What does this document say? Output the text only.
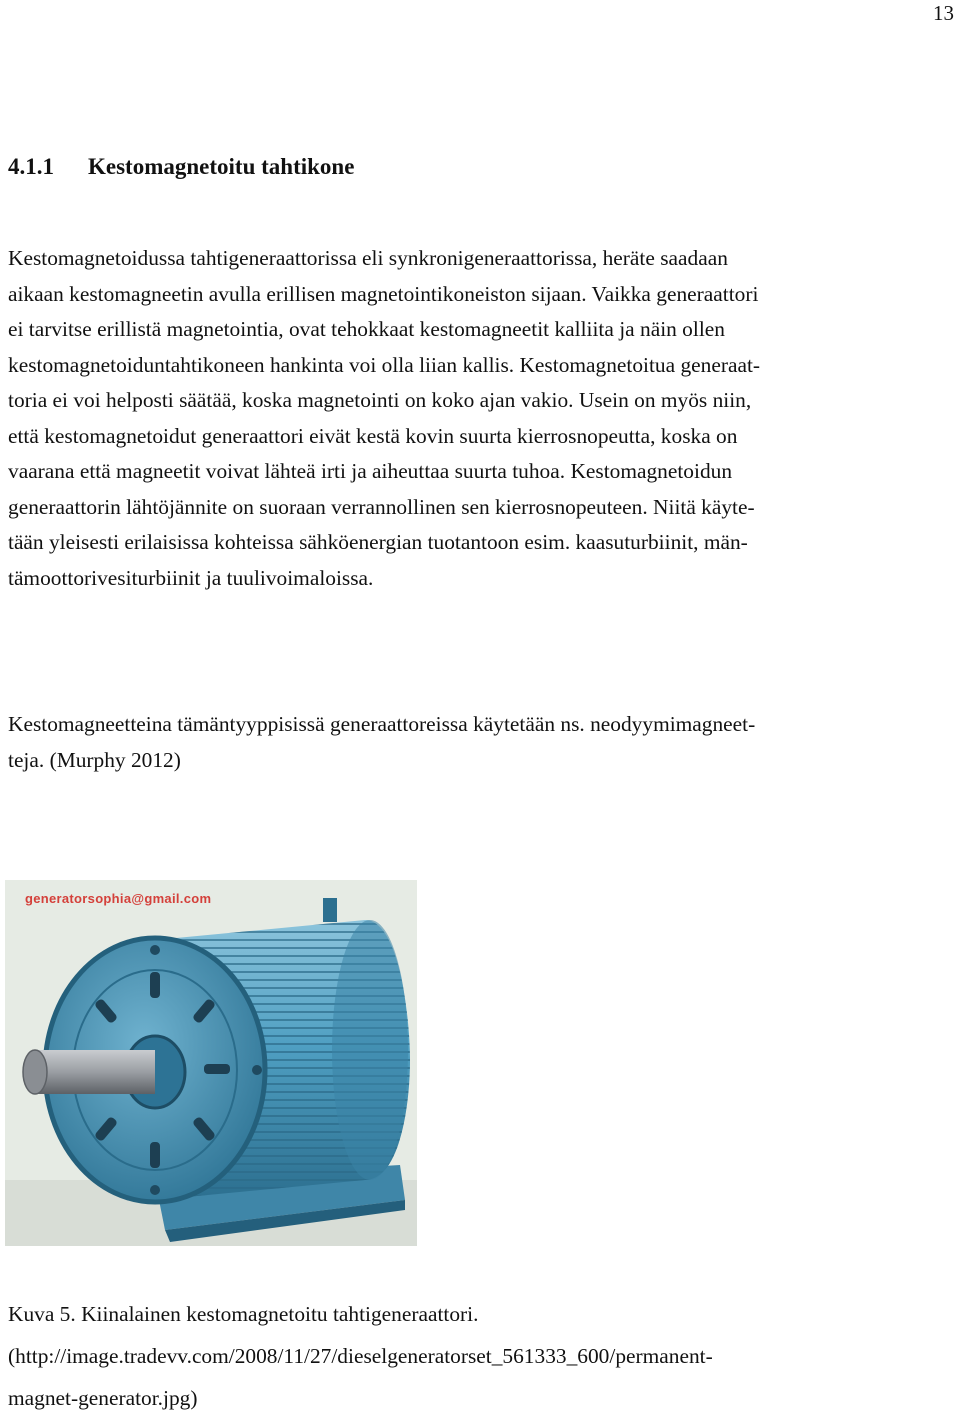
13
4.1.1 Kestomagnetoitu tahtikone

Kestomagnetoidussa tahtigeneraattorissa eli synkronigeneraattorissa, heräte saadaan
aikaan kestomagneetin avulla erillisen magnetointikoneiston sijaan. Vaikka generaattori
ei tarvitse erillistä magnetointia, ovat tehokkaat kestomagneetit kalliita ja näin ollen
kestomagnetoiduntahtikoneen hankinta voi olla liian kallis. Kestomagnetoitua generaat-
toria ei voi helposti säätää, koska magnetointi on koko ajan vakio. Usein on myös niin,
että kestomagnetoidut generaattori eivät kestä kovin suurta kierrosnopeutta, koska on
vaarana että magneetit voivat lähteä irti ja aiheuttaa suurta tuhoa. Kestomagnetoidun
generaattorin lähtöjännite on suoraan verrannollinen sen kierrosnopeuteen. Niitä käyte-
tään yleisesti erilaisissa kohteissa sähköenergian tuotantoon esim. kaasuturbiinit, män-
tämoottorivesiturbiinit ja tuulivoimaloissa.

Kestomagneetteina tämäntyyppisissä generaattoreissa käytetään ns. neodyymimagneet-
teja. (Murphy 2012)

generatorsophia@gmail.com

Kuva 5. Kiinalainen kestomagnetoitu tahtigeneraattori.
(http://image.tradevv.com/2008/11/27/dieselgeneratorset_561333_600/permanent-
magnet-generator.jpg)
